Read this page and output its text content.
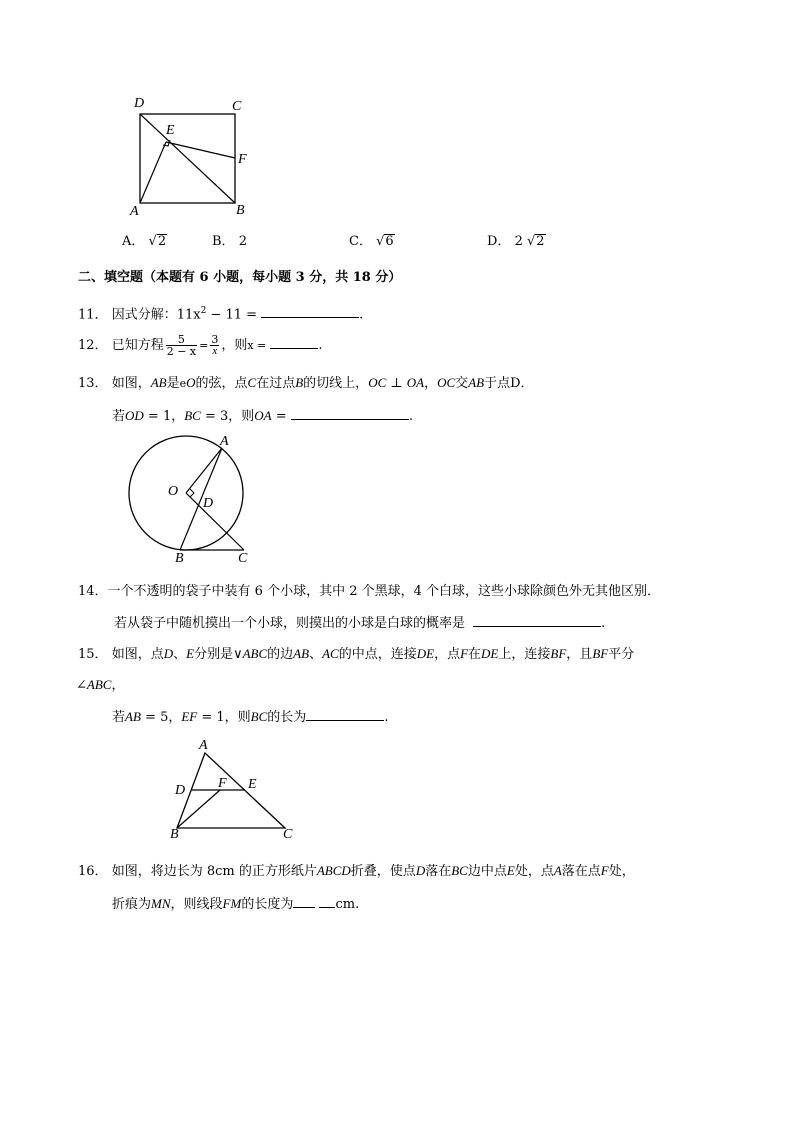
D	C
E
F
A	B
A． √2	B． 2	C． √6	D． 2 √2
二、填空题（本题有 6 小题，每小题 3 分，共 18 分）
11． 因式分解：$11x^2 - 11$ =	.
12． 已知方程 $\frac{5}{2 - x} = \frac{3}{x}$ ，则x =	.
13． 如图，AB是eO的弦，点C在过点B的切线上，OC ⊥ OA，OC交AB于点D．
若OD = 1，BC = 3，则OA =	.
A
O
D
B	C
14．一个不透明的袋子中装有 6 个小球，其中 2 个黑球，4 个白球，这些小球除颜色外无其他区别．
若从袋子中随机摸出一个小球，则摸出的小球是白球的概率是	.
15． 如图，点D、E分别是∨ABC的边AB、AC的中点，连接DE，点F在DE上，连接BF，且BF平分
∠ABC，
若AB = 5，EF = 1，则BC的长为	.
A
D F E
B	C
16． 如图，将边长为 8cm 的正方形纸片ABCD折叠，使点D落在BC边中点E处，点A落在点F处，
折痕为MN，则线段FM的长度为	cm.
